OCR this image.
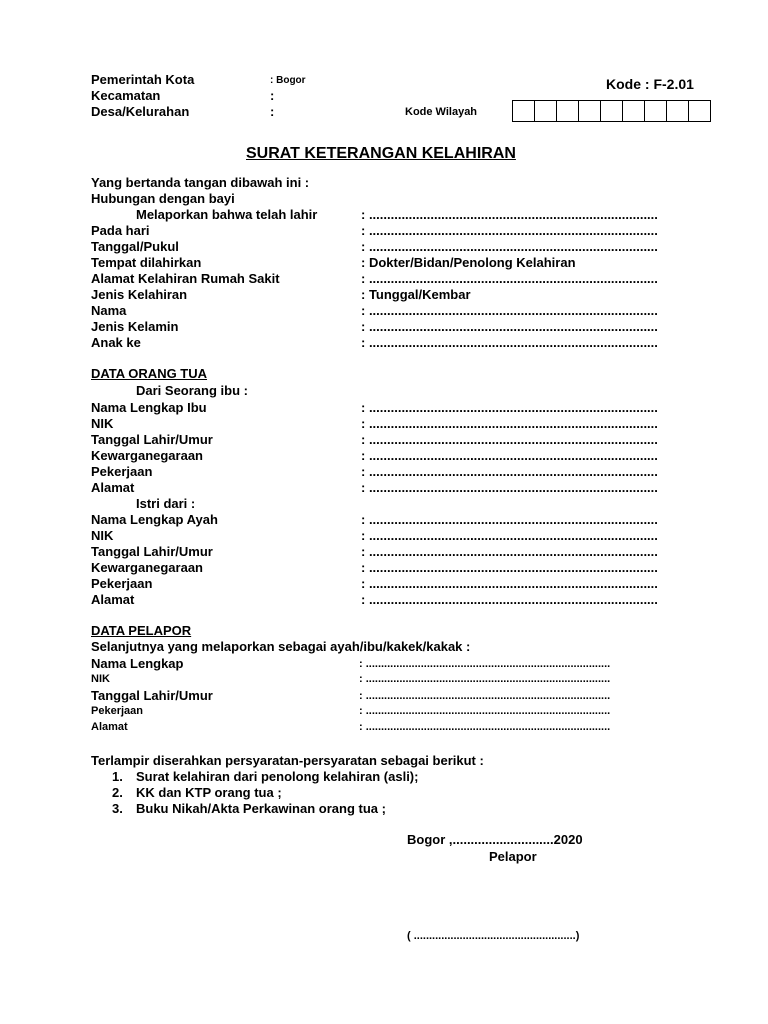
Pemerintah Kota	: Bogor
Kecamatan	:
Desa/Kelurahan	:	Kode Wilayah
Kode : F-2.01
SURAT KETERANGAN KELAHIRAN
Yang bertanda tangan dibawah ini :
Hubungan dengan bayi
Melaporkan bahwa telah lahir	: ................................................................................
Pada hari	: ................................................................................
Tanggal/Pukul	: ................................................................................
Tempat dilahirkan	: Dokter/Bidan/Penolong Kelahiran
Alamat Kelahiran Rumah Sakit	: ................................................................................
Jenis Kelahiran	: Tunggal/Kembar
Nama	: ................................................................................
Jenis Kelamin	: ................................................................................
Anak ke	: ................................................................................
DATA ORANG TUA
Dari Seorang ibu :
Nama Lengkap Ibu	: ................................................................................
NIK	: ................................................................................
Tanggal Lahir/Umur	: ................................................................................
Kewarganegaraan	: ................................................................................
Pekerjaan	: ................................................................................
Alamat	: ................................................................................
Istri dari :
Nama Lengkap Ayah	: ................................................................................
NIK	: ................................................................................
Tanggal Lahir/Umur	: ................................................................................
Kewarganegaraan	: ................................................................................
Pekerjaan	: ................................................................................
Alamat	: ................................................................................
DATA PELAPOR
Selanjutnya yang melaporkan sebagai ayah/ibu/kakek/kakak :
Nama Lengkap	: ................................................................................
NIK	: ................................................................................
Tanggal Lahir/Umur	: ................................................................................
Pekerjaan	: ................................................................................
Alamat	: ................................................................................
Terlampir diserahkan persyaratan-persyaratan sebagai berikut :
1. Surat kelahiran dari penolong kelahiran (asli);
2. KK dan KTP orang tua ;
3. Buku Nikah/Akta Perkawinan orang tua ;
Bogor ,............................2020
Pelapor
( .....................................................)
